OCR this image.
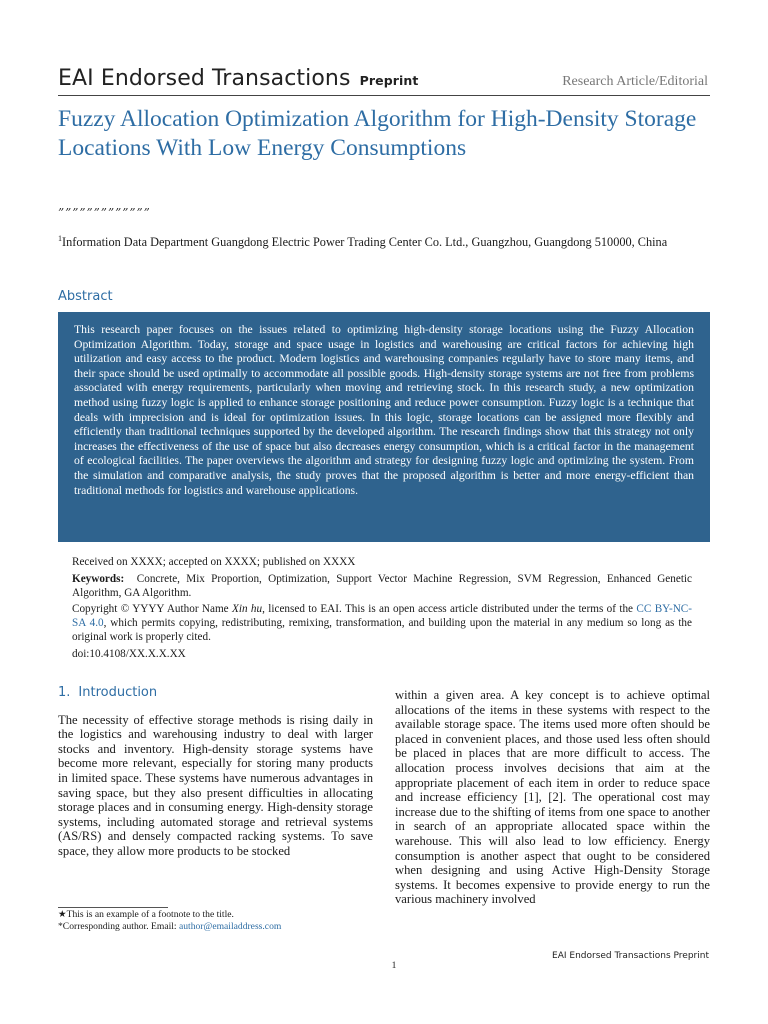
EAI Endorsed Transactions Preprint	Research Article/Editorial
Fuzzy Allocation Optimization Algorithm for High-Density Storage Locations With Low Energy Consumptions
”””””””””””””
$^1$Information Data Department Guangdong Electric Power Trading Center Co. Ltd., Guangzhou, Guangdong 510000, China
Abstract

This research paper focuses on the issues related to optimizing high-density storage locations using the Fuzzy Allocation Optimization Algorithm. Today, storage and space usage in logistics and warehousing are critical factors for achieving high utilization and easy access to the product. Modern logistics and warehousing companies regularly have to store many items, and their space should be used optimally to accommodate all possible goods. High-density storage systems are not free from problems associated with energy requirements, particularly when moving and retrieving stock. In this research study, a new optimization method using fuzzy logic is applied to enhance storage positioning and reduce power consumption. Fuzzy logic is a technique that deals with imprecision and is ideal for optimization issues. In this logic, storage locations can be assigned more flexibly and efficiently than traditional techniques supported by the developed algorithm. The research findings show that this strategy not only increases the effectiveness of the use of space but also decreases energy consumption, which is a critical factor in the management of ecological facilities. The paper overviews the algorithm and strategy for designing fuzzy logic and optimizing the system. From the simulation and comparative analysis, the study proves that the proposed algorithm is better and more energy-efficient than traditional methods for logistics and warehouse applications.

Received on XXXX; accepted on XXXX; published on XXXX

Keywords: Concrete, Mix Proportion, Optimization, Support Vector Machine Regression, SVM Regression, Enhanced Genetic Algorithm, GA Algorithm.

Copyright © YYYY Author Name Xin hu, licensed to EAI. This is an open access article distributed under the terms of the CC BY-NC-SA 4.0, which permits copying, redistributing, remixing, transformation, and building upon the material in any medium so long as the original work is properly cited.

doi:10.4108/XX.X.X.XX

1. Introduction

The necessity of effective storage methods is rising daily in the logistics and warehousing industry to deal with larger stocks and inventory. High-density storage systems have become more relevant, especially for storing many products in limited space. These systems have numerous advantages in saving space, but they also present difficulties in allocating storage places and in consuming energy. High-density storage systems, including automated storage and retrieval systems (AS/RS) and densely compacted racking systems. To save space, they allow more products to be stocked

within a given area. A key concept is to achieve optimal allocations of the items in these systems with respect to the available storage space. The items used more often should be placed in convenient places, and those used less often should be placed in places that are more difficult to access. The allocation process involves decisions that aim at the appropriate placement of each item in order to reduce space and increase efficiency [1], [2]. The operational cost may increase due to the shifting of items from one space to another in search of an appropriate allocated space within the warehouse. This will also lead to low efficiency. Energy consumption is another aspect that ought to be considered when designing and using Active High-Density Storage systems. It becomes expensive to provide energy to run the various machinery involved

★This is an example of a footnote to the title.
*Corresponding author. Email: author@emailaddress.com
EAI Endorsed Transactions Preprint
1
